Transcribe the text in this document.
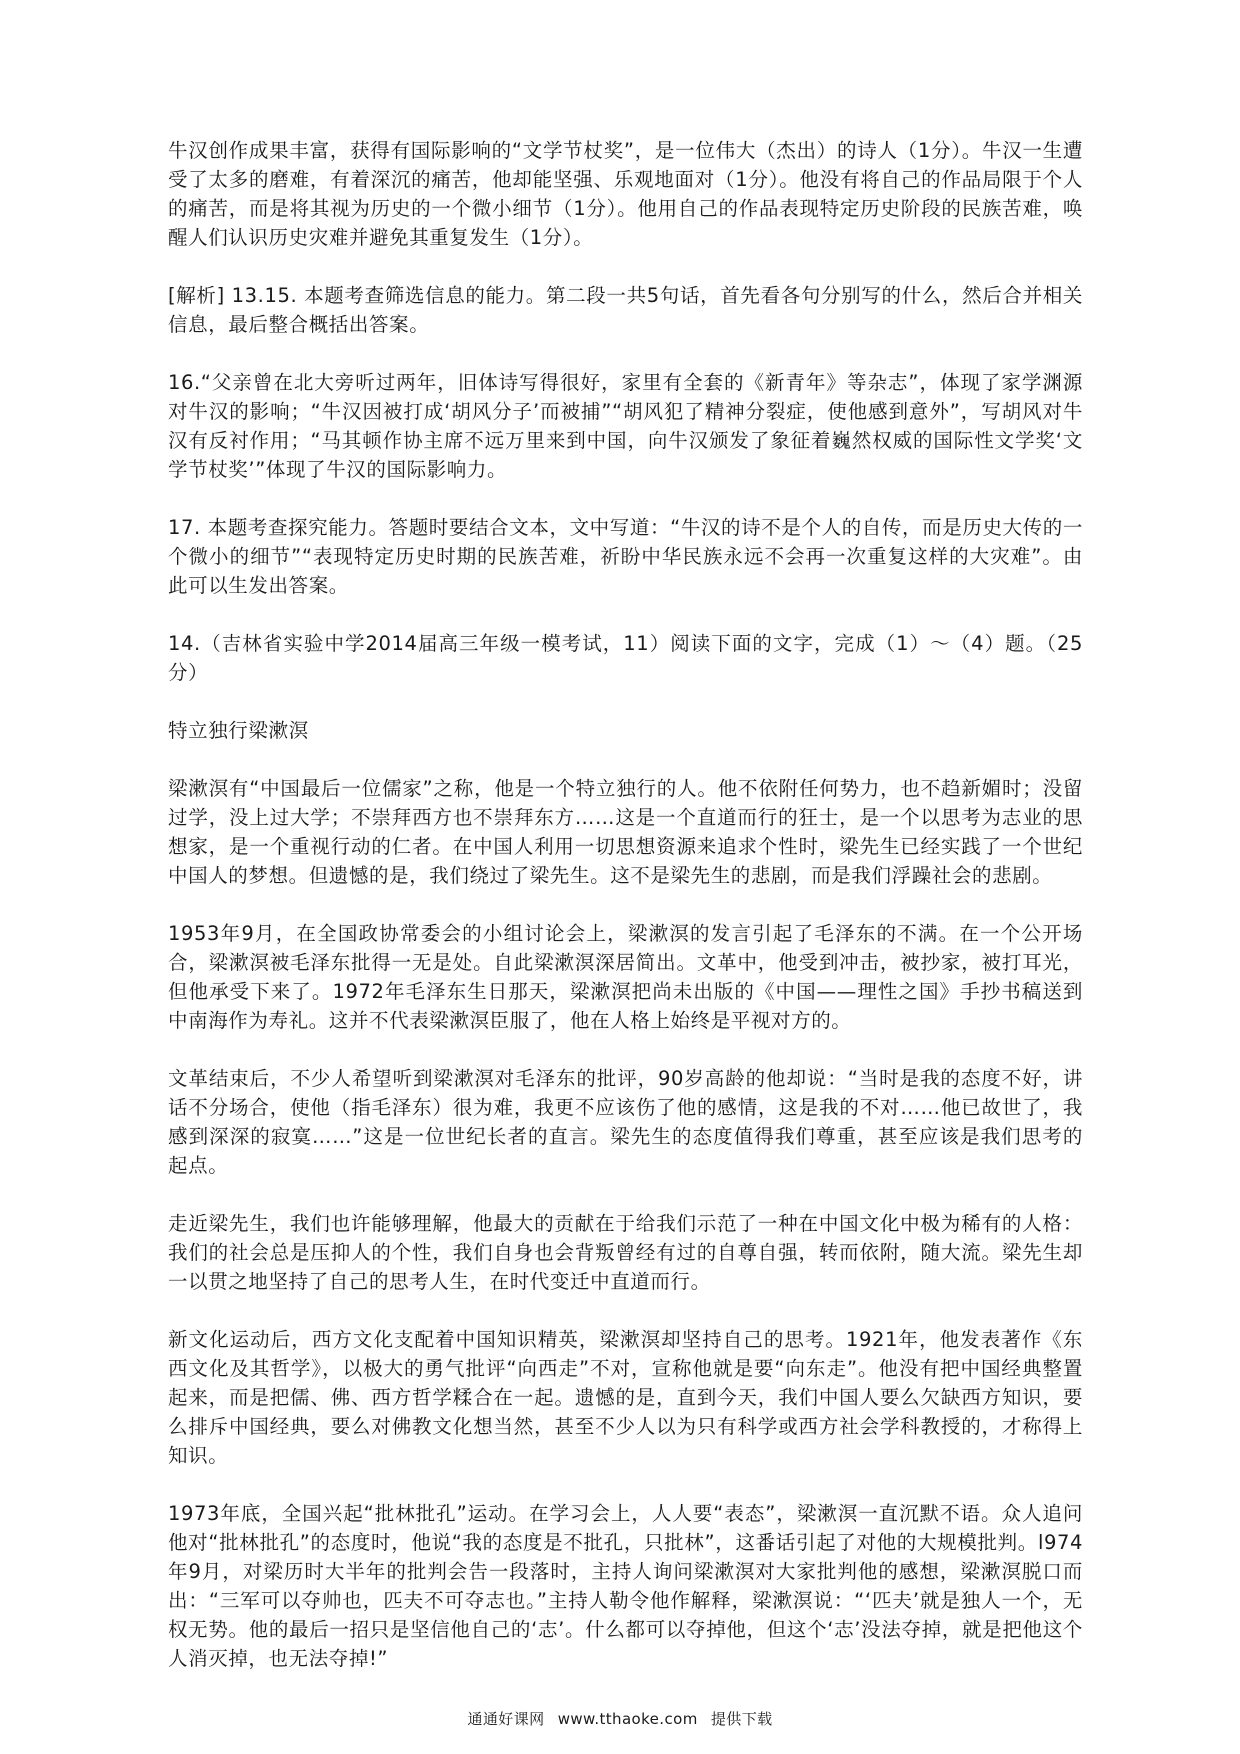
牛汉创作成果丰富，获得有国际影响的“文学节杖奖”，是一位伟大（杰出）的诗人（1分）。牛汉一生遭受了太多的磨难，有着深沉的痛苦，他却能坚强、乐观地面对（1分）。他没有将自己的作品局限于个人的痛苦，而是将其视为历史的一个微小细节（1分）。他用自己的作品表现特定历史阶段的民族苦难，唤醒人们认识历史灾难并避免其重复发生（1分）。

[解析] 13.15. 本题考查筛选信息的能力。第二段一共5句话，首先看各句分别写的什么，然后合并相关信息，最后整合概括出答案。

16.“父亲曾在北大旁听过两年，旧体诗写得很好，家里有全套的《新青年》等杂志”，体现了家学渊源对牛汉的影响；“牛汉因被打成‘胡风分子’而被捕”“胡风犯了精神分裂症，使他感到意外”，写胡风对牛汉有反衬作用；“马其顿作协主席不远万里来到中国，向牛汉颁发了象征着巍然权威的国际性文学奖‘文学节杖奖’”体现了牛汉的国际影响力。

17. 本题考查探究能力。答题时要结合文本，文中写道：“牛汉的诗不是个人的自传，而是历史大传的一个微小的细节”“表现特定历史时期的民族苦难，祈盼中华民族永远不会再一次重复这样的大灾难”。由此可以生发出答案。

14.（吉林省实验中学2014届高三年级一模考试，11）阅读下面的文字，完成（1）～（4）题。（25分）

特立独行梁漱溟

梁漱溟有“中国最后一位儒家”之称，他是一个特立独行的人。他不依附任何势力，也不趋新媚时；没留过学，没上过大学；不崇拜西方也不崇拜东方……这是一个直道而行的狂士，是一个以思考为志业的思想家，是一个重视行动的仁者。在中国人利用一切思想资源来追求个性时，梁先生已经实践了一个世纪中国人的梦想。但遗憾的是，我们绕过了梁先生。这不是梁先生的悲剧，而是我们浮躁社会的悲剧。

1953年9月，在全国政协常委会的小组讨论会上，梁漱溟的发言引起了毛泽东的不满。在一个公开场合，梁漱溟被毛泽东批得一无是处。自此梁漱溟深居简出。文革中，他受到冲击，被抄家，被打耳光，但他承受下来了。1972年毛泽东生日那天，梁漱溟把尚未出版的《中国——理性之国》手抄书稿送到中南海作为寿礼。这并不代表梁漱溟臣服了，他在人格上始终是平视对方的。

文革结束后，不少人希望听到梁漱溟对毛泽东的批评，90岁高龄的他却说：“当时是我的态度不好，讲话不分场合，使他（指毛泽东）很为难，我更不应该伤了他的感情，这是我的不对……他已故世了，我感到深深的寂寞……”这是一位世纪长者的直言。梁先生的态度值得我们尊重，甚至应该是我们思考的起点。

走近梁先生，我们也许能够理解，他最大的贡献在于给我们示范了一种在中国文化中极为稀有的人格：我们的社会总是压抑人的个性，我们自身也会背叛曾经有过的自尊自强，转而依附，随大流。梁先生却一以贯之地坚持了自己的思考人生，在时代变迁中直道而行。

新文化运动后，西方文化支配着中国知识精英，梁漱溟却坚持自己的思考。1921年，他发表著作《东西文化及其哲学》，以极大的勇气批评“向西走”不对，宣称他就是要“向东走”。他没有把中国经典整置起来，而是把儒、佛、西方哲学糅合在一起。遗憾的是，直到今天，我们中国人要么欠缺西方知识，要么排斥中国经典，要么对佛教文化想当然，甚至不少人以为只有科学或西方社会学科教授的，才称得上知识。

1973年底，全国兴起“批林批孔”运动。在学习会上，人人要“表态”，梁漱溟一直沉默不语。众人追问他对“批林批孔”的态度时，他说“我的态度是不批孔，只批林”，这番话引起了对他的大规模批判。l974年9月，对梁历时大半年的批判会告一段落时，主持人询问梁漱溟对大家批判他的感想，梁漱溟脱口而出：“三军可以夺帅也，匹夫不可夺志也。”主持人勒令他作解释，梁漱溟说：“‘匹夫’就是独人一个，无权无势。他的最后一招只是坚信他自己的‘志’。什么都可以夺掉他，但这个‘志’没法夺掉，就是把他这个人消灭掉，也无法夺掉!”

通通好课网 www.tthaoke.com 提供下载
